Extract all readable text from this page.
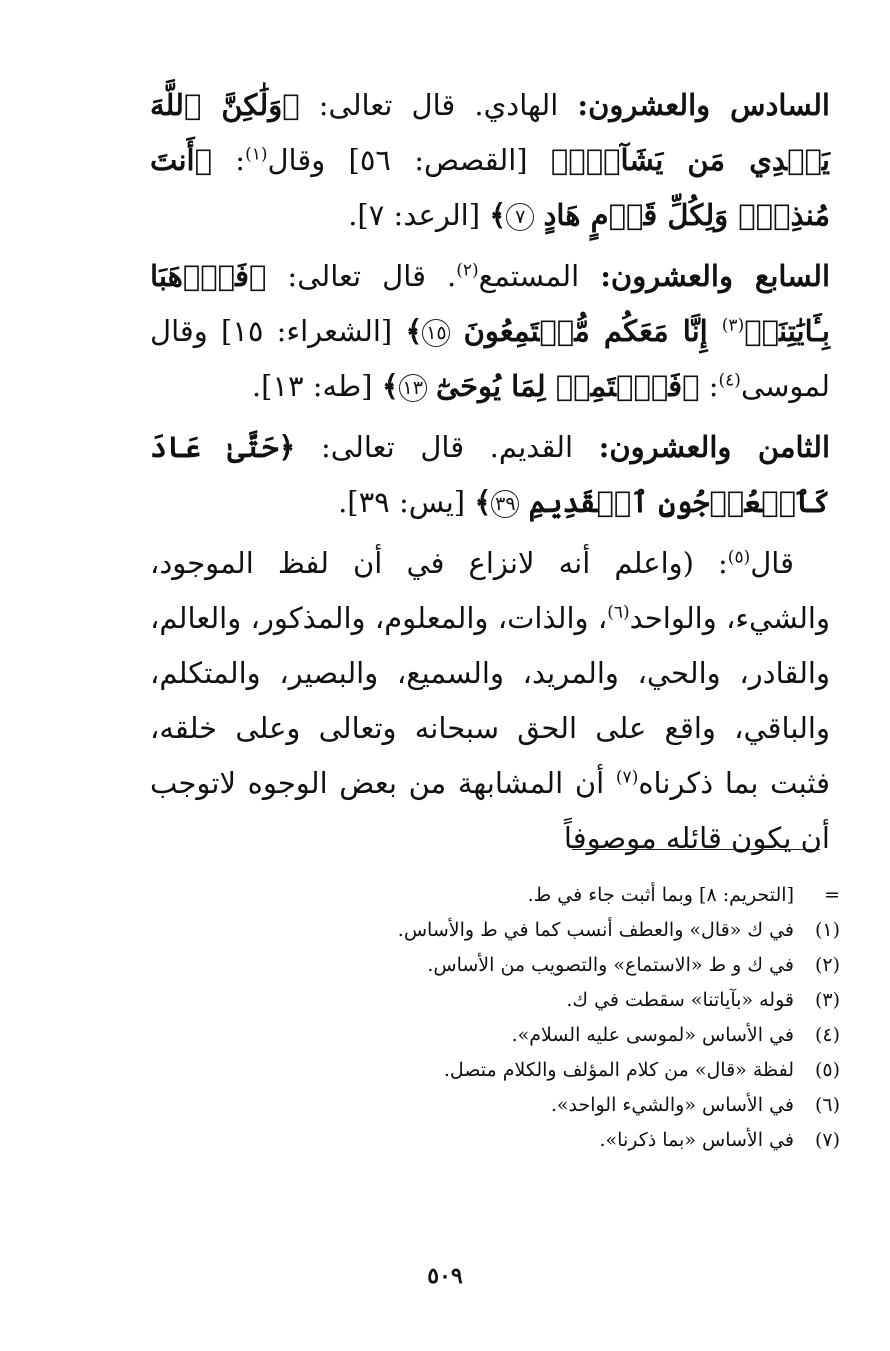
السادس والعشرون: الهادي. قال تعالى: ﴿وَلَٰكِنَّ ٱللَّهَ يَهۡدِي مَن يَشَآءُۚ﴾ [القصص: ٥٦] وقال$^{(١)}$: ﴿أَنتَ مُنذِرٞۖ وَلِكُلِّ قَوۡمٍ هَادٍ ٧﴾ [الرعد: ٧].

السابع والعشرون: المستمع$^{(٢)}$. قال تعالى: ﴿فَٱذۡهَبَا بِـَٔايَٰتِنَآۖ$^{(٣)}$ إِنَّا مَعَكُم مُّسۡتَمِعُونَ ١٥﴾ [الشعراء: ١٥] وقال لموسى$^{(٤)}$: ﴿فَٱسۡتَمِعۡ لِمَا يُوحَىٰٓ ١٣﴾ [طه: ١٣].

الثامن والعشرون: القديم. قال تعالى: ﴿حَتَّىٰ عَادَ كَٱلۡعُرۡجُونِ ٱلۡقَدِيمِ ٣٩﴾ [يس: ٣٩].

قال$^{(٥)}$: (واعلم أنه لانزاع في أن لفظ الموجود، والشيء، والواحد$^{(٦)}$، والذات، والمعلوم، والمذكور، والعالم، والقادر، والحي، والمريد، والسميع، والبصير، والمتكلم، والباقي، واقع على الحق سبحانه وتعالى وعلى خلقه، فثبت بما ذكرناه$^{(٧)}$ أن المشابهة من بعض الوجوه لاتوجب أن يكون قائله موصوفاً

=
[التحريم: ٨] وبما أثبت جاء في ط.
(١)
في ك «قال» والعطف أنسب كما في ط والأساس.
(٢)
في ك و ط «الاستماع» والتصويب من الأساس.
(٣)
قوله «بآياتنا» سقطت في ك.
(٤)
في الأساس «لموسى عليه السلام».
(٥)
لفظة «قال» من كلام المؤلف والكلام متصل.
(٦)
في الأساس «والشيء الواحد».
(٧)
في الأساس «بما ذكرنا».
٥٠٩
